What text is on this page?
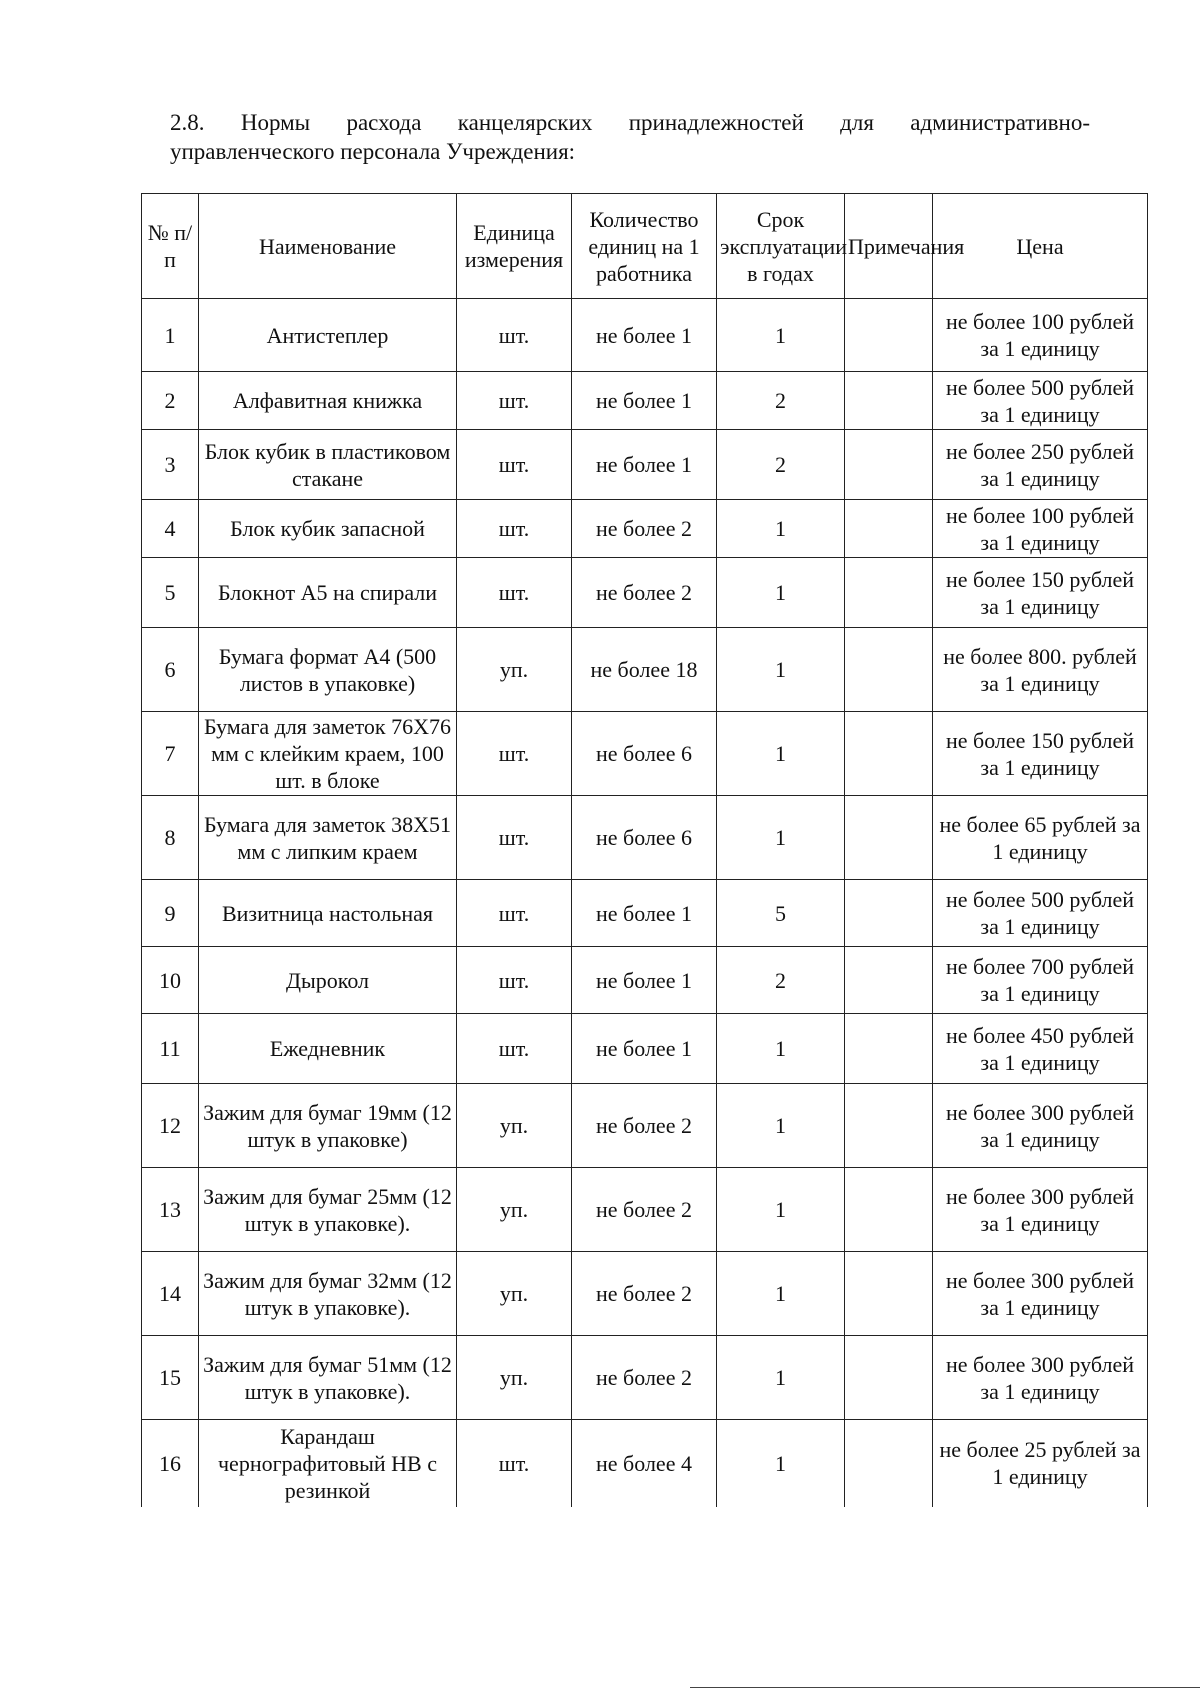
2.8. Нормы расхода канцелярских принадлежностей для административно-
управленческого персонала Учреждения:
№ п/п	Наименование	Единица измерения	Количество единиц на 1 работника	Срок эксплуатации в годах	Примечания	Цена
1	Антистеплер	шт.	не более 1	1		не более 100 рублей за 1 единицу
2	Алфавитная книжка	шт.	не более 1	2		не более 500 рублей за 1 единицу
3	Блок кубик в пластиковом стакане	шт.	не более 1	2		не более 250 рублей за 1 единицу
4	Блок кубик запасной	шт.	не более 2	1		не более 100 рублей за 1 единицу
5	Блокнот А5 на спирали	шт.	не более 2	1		не более 150 рублей за 1 единицу
6	Бумага формат А4 (500 листов в упаковке)	уп.	не более 18	1		не более 800. рублей за 1 единицу
7	Бумага для заметок 76Х76 мм с клейким краем, 100 шт. в блоке	шт.	не более 6	1		не более 150 рублей за 1 единицу
8	Бумага для заметок 38Х51 мм с липким краем	шт.	не более 6	1		не более 65 рублей за 1 единицу
9	Визитница настольная	шт.	не более 1	5		не более 500 рублей за 1 единицу
10	Дырокол	шт.	не более 1	2		не более 700 рублей за 1 единицу
11	Ежедневник	шт.	не более 1	1		не более 450 рублей за 1 единицу
12	Зажим для бумаг 19мм (12 штук в упаковке)	уп.	не более 2	1		не более 300 рублей за 1 единицу
13	Зажим для бумаг 25мм (12 штук в упаковке).	уп.	не более 2	1		не более 300 рублей за 1 единицу
14	Зажим для бумаг 32мм (12 штук в упаковке).	уп.	не более 2	1		не более 300 рублей за 1 единицу
15	Зажим для бумаг 51мм (12 штук в упаковке).	уп.	не более 2	1		не более 300 рублей за 1 единицу
16	Карандаш чернографитовый НВ с резинкой	шт.	не более 4	1		не более 25 рублей за 1 единицу
